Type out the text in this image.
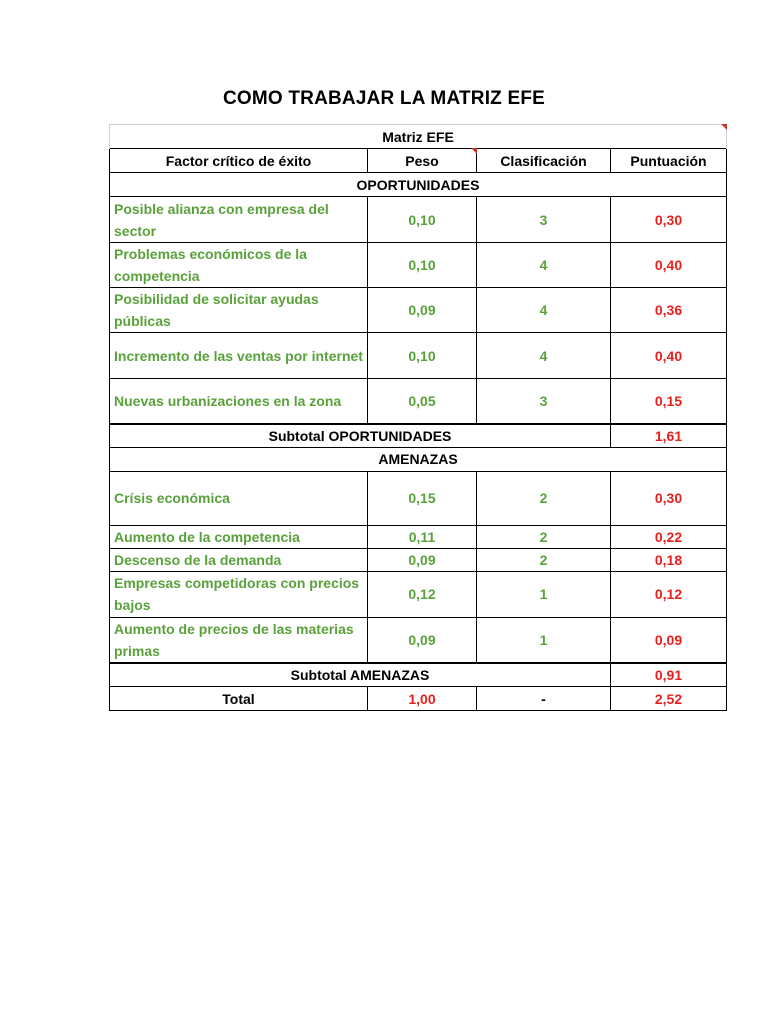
COMO TRABAJAR LA MATRIZ EFE
Matriz EFE			
Factor crítico de éxito	Peso	Clasificación	Puntuación
OPORTUNIDADES			
Posible alianza con empresa del sector	0,10	3	0,30
Problemas económicos de la competencia	0,10	4	0,40
Posibilidad de solicitar ayudas públicas	0,09	4	0,36
Incremento de las ventas por internet	0,10	4	0,40
Nuevas urbanizaciones en la zona	0,05	3	0,15
Subtotal OPORTUNIDADES			1,61
AMENAZAS			
Crísis económica	0,15	2	0,30
Aumento de la competencia	0,11	2	0,22
Descenso de la demanda	0,09	2	0,18
Empresas competidoras con precios bajos	0,12	1	0,12
Aumento de precios de las materias primas	0,09	1	0,09
Subtotal AMENAZAS			0,91
Total	1,00	-	2,52
